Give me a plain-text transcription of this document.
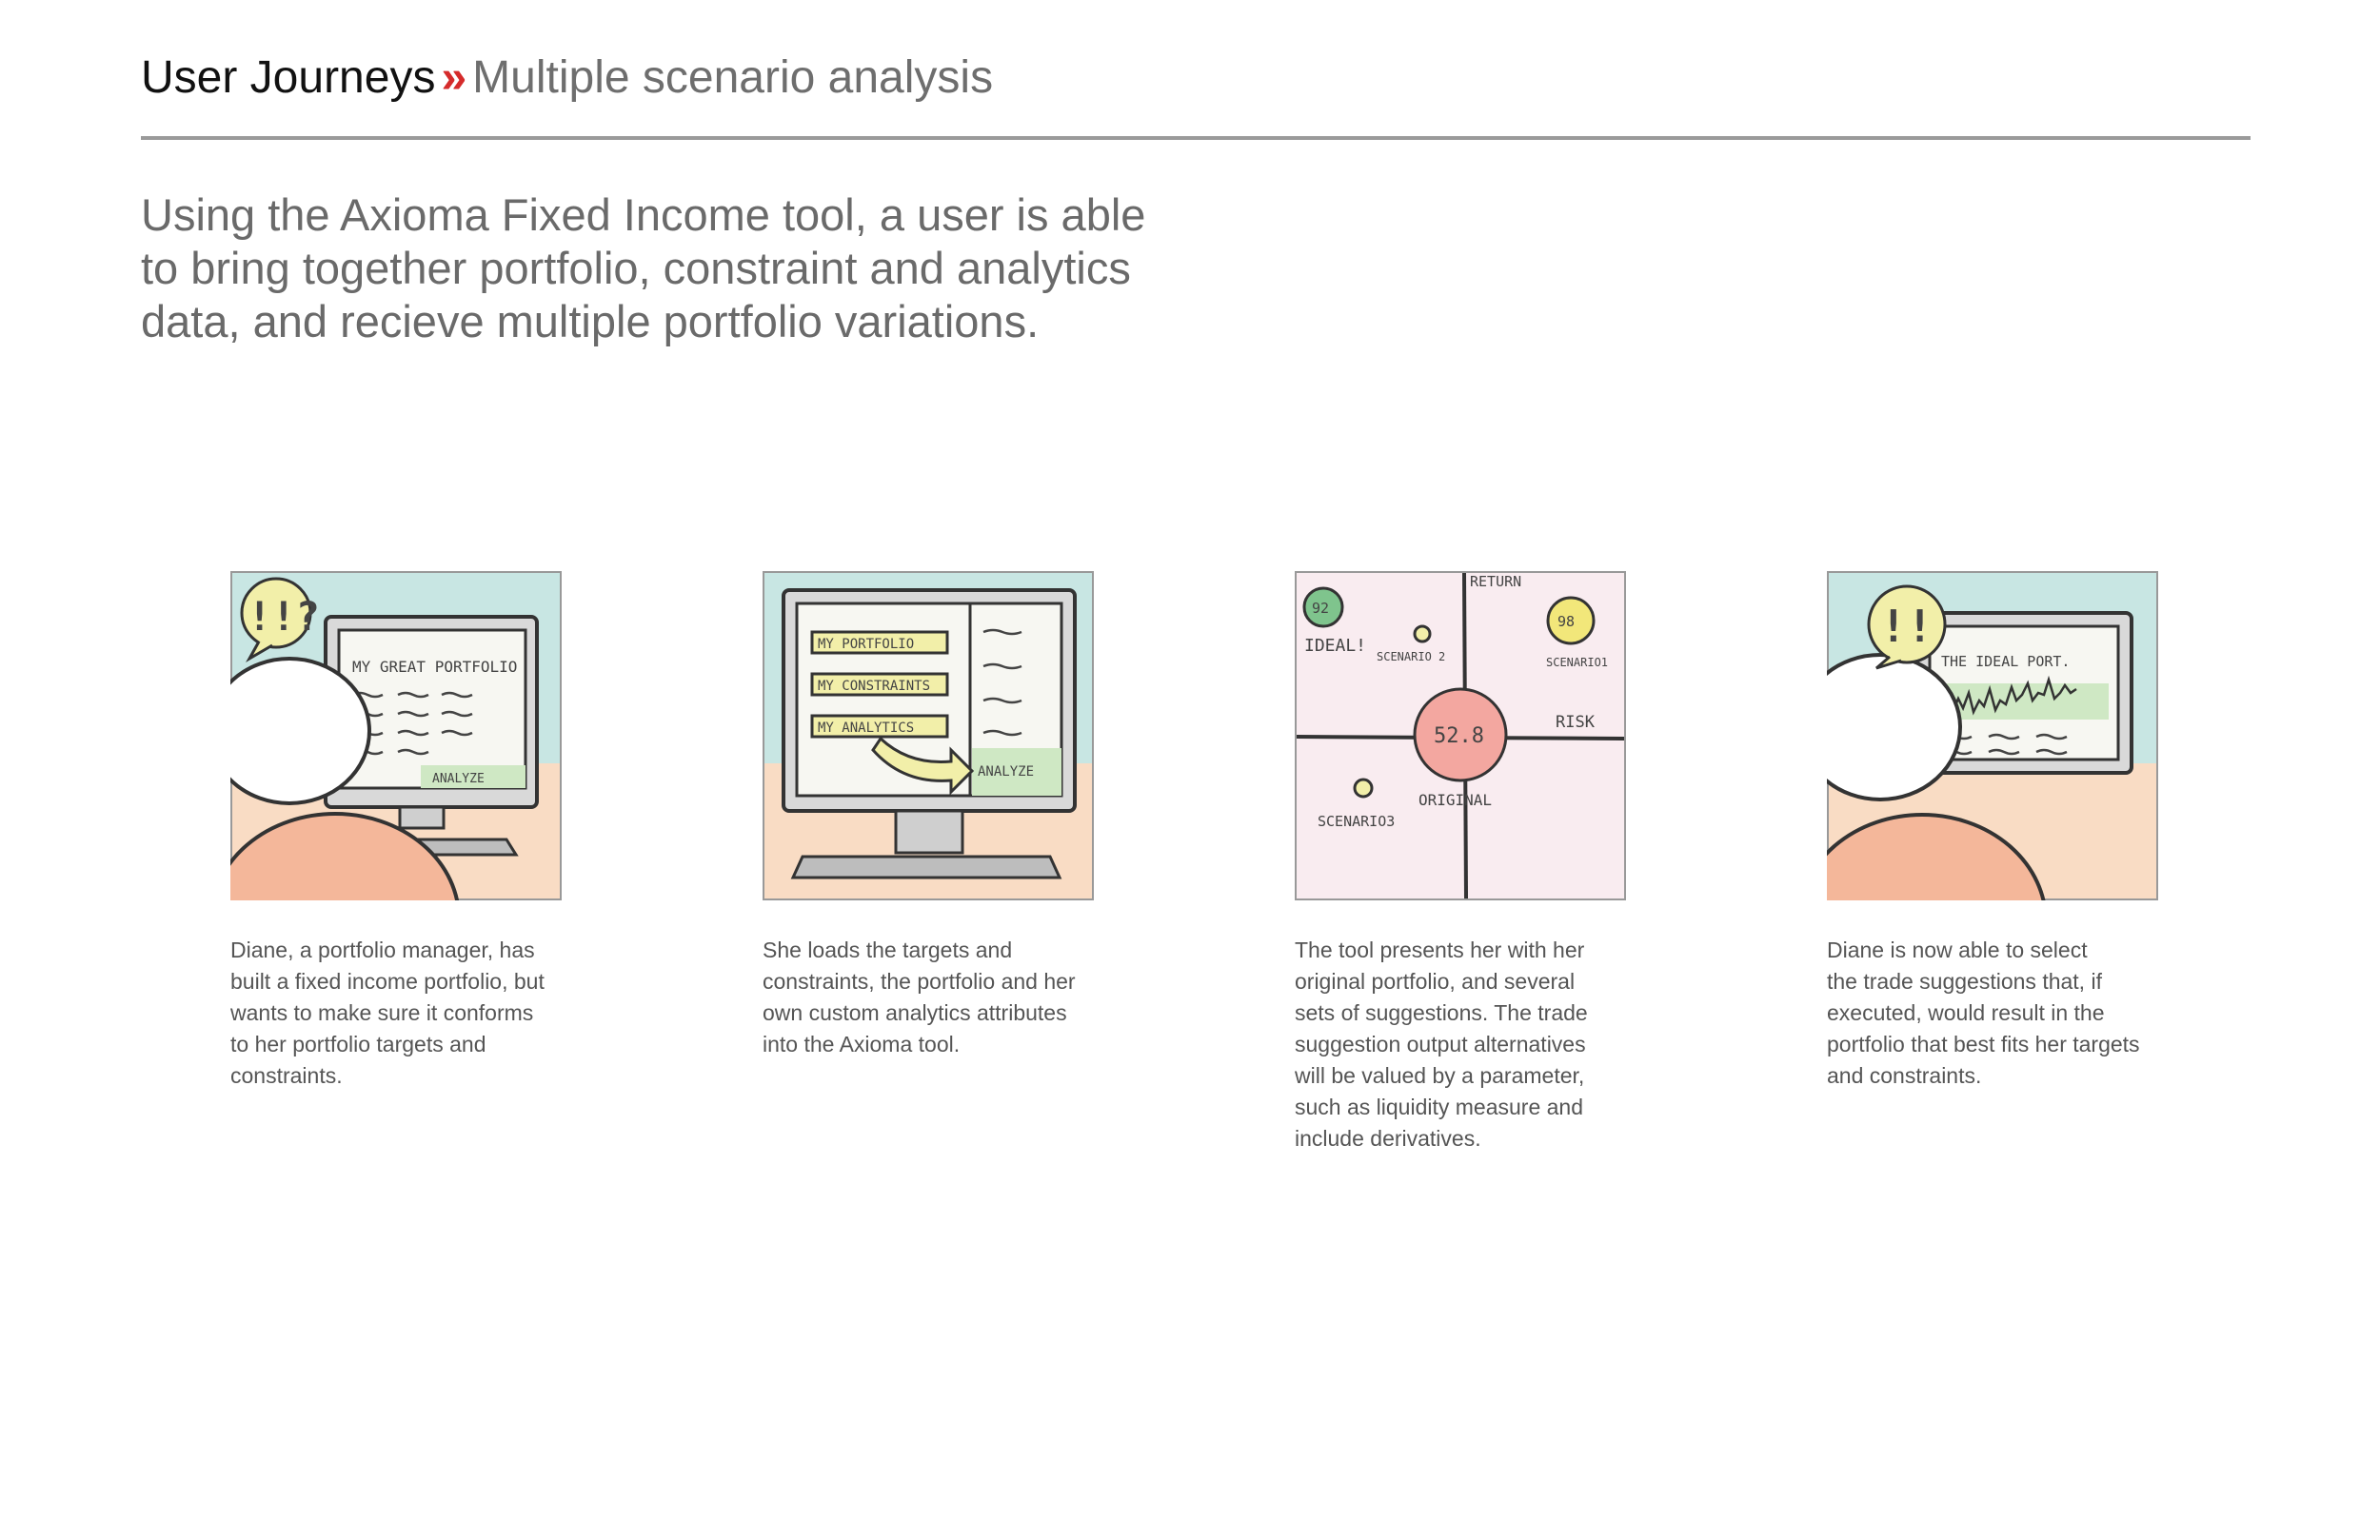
User Journeys » Multiple scenario analysis
Using the Axioma Fixed Income tool, a user is able
to bring together portfolio, constraint and analytics
data, and recieve multiple portfolio variations.
MY GREAT PORTFOLIO
ANALYZE
!!?
Diane, a portfolio manager, has
built a fixed income portfolio, but
wants to make sure it conforms
to her portfolio targets and
constraints.
MY PORTFOLIO
MY CONSTRAINTS
MY ANALYTICS
ANALYZE
She loads the targets and
constraints, the portfolio and her
own custom analytics attributes
into the Axioma tool.
RETURN
RISK
92
IDEAL!
SCENARIO 2
98
SCENARIO1
52.8
ORIGINAL
SCENARIO3
The tool presents her with her
original portfolio, and several
sets of suggestions. The trade
suggestion output alternatives
will be valued by a parameter,
such as liquidity measure and
include derivatives.
THE IDEAL PORT.
!!
Diane is now able to select
the trade suggestions that, if
executed, would result in the
portfolio that best fits her targets
and constraints.
